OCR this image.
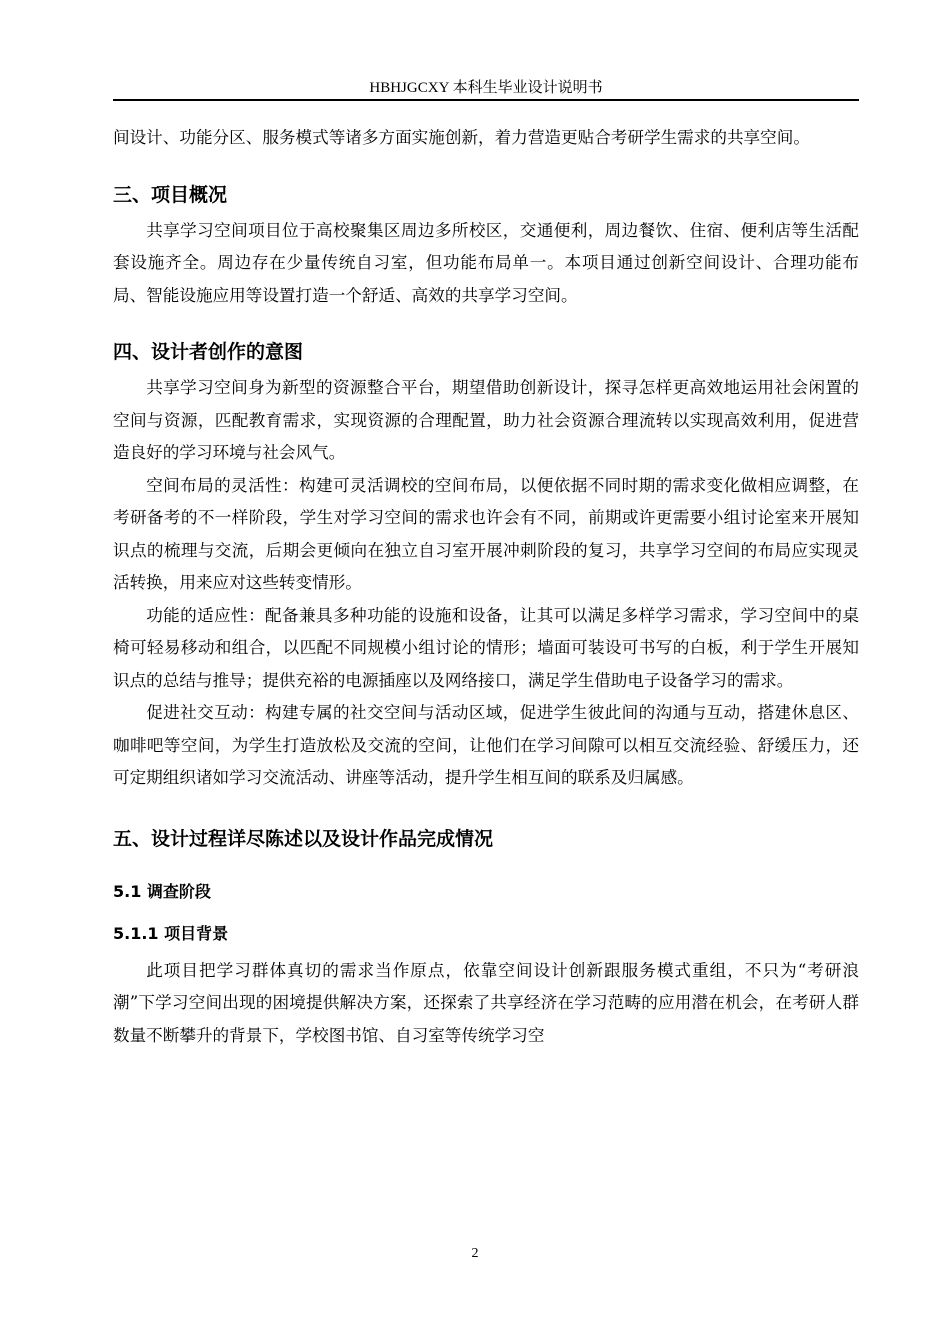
HBHJGCXY 本科生毕业设计说明书

间设计、功能分区、服务模式等诸多方面实施创新，着力营造更贴合考研学生需求的共享空间。

三、项目概况

共享学习空间项目位于高校聚集区周边多所校区，交通便利，周边餐饮、住宿、便利店等生活配套设施齐全。周边存在少量传统自习室，但功能布局单一。本项目通过创新空间设计、合理功能布局、智能设施应用等设置打造一个舒适、高效的共享学习空间。

四、设计者创作的意图

共享学习空间身为新型的资源整合平台，期望借助创新设计，探寻怎样更高效地运用社会闲置的空间与资源，匹配教育需求，实现资源的合理配置，助力社会资源合理流转以实现高效利用，促进营造良好的学习环境与社会风气。

空间布局的灵活性：构建可灵活调校的空间布局，以便依据不同时期的需求变化做相应调整，在考研备考的不一样阶段，学生对学习空间的需求也许会有不同，前期或许更需要小组讨论室来开展知识点的梳理与交流，后期会更倾向在独立自习室开展冲刺阶段的复习，共享学习空间的布局应实现灵活转换，用来应对这些转变情形。

功能的适应性：配备兼具多种功能的设施和设备，让其可以满足多样学习需求，学习空间中的桌椅可轻易移动和组合，以匹配不同规模小组讨论的情形；墙面可装设可书写的白板，利于学生开展知识点的总结与推导；提供充裕的电源插座以及网络接口，满足学生借助电子设备学习的需求。

促进社交互动：构建专属的社交空间与活动区域，促进学生彼此间的沟通与互动，搭建休息区、咖啡吧等空间，为学生打造放松及交流的空间，让他们在学习间隙可以相互交流经验、舒缓压力，还可定期组织诸如学习交流活动、讲座等活动，提升学生相互间的联系及归属感。

五、设计过程详尽陈述以及设计作品完成情况
5.1 调查阶段
5.1.1 项目背景

此项目把学习群体真切的需求当作原点，依靠空间设计创新跟服务模式重组，不只为“考研浪潮”下学习空间出现的困境提供解决方案，还探索了共享经济在学习范畴的应用潜在机会，在考研人群数量不断攀升的背景下，学校图书馆、自习室等传统学习空

2
